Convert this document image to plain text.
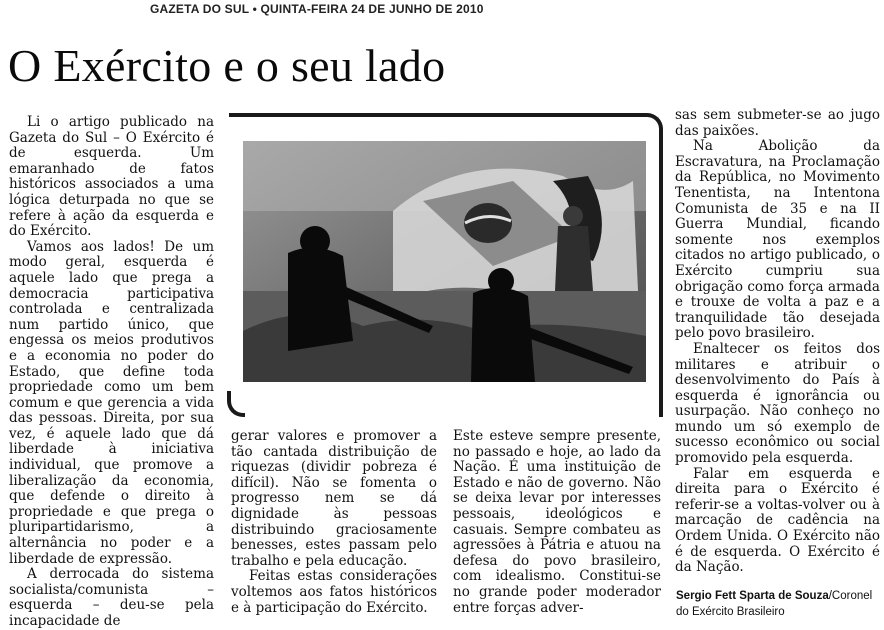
GAZETA DO SUL • QUINTA-FEIRA 24 DE JUNHO DE 2010
O Exército e o seu lado

Li o artigo publicado na Gazeta do Sul – O Exército é de esquerda. Um emaranhado de fatos históricos associados a uma lógica deturpada no que se refere à ação da esquerda e do Exército.

Vamos aos lados! De um modo geral, esquerda é aquele lado que prega a democracia participativa controlada e centralizada num partido único, que engessa os meios produtivos e a economia no poder do Estado, que define toda propriedade como um bem comum e que gerencia a vida das pessoas. Direita, por sua vez, é aquele lado que dá liberdade à iniciativa individual, que promove a liberalização da economia, que defende o direito à propriedade e que prega o pluripartidarismo, a alternância no poder e a liberdade de expressão.

A derrocada do sistema socialista/comunista – esquerda – deu-se pela incapacidade de

gerar valores e promover a tão cantada distribuição de riquezas (dividir pobreza é difícil). Não se fomenta o progresso nem se dá dignidade às pessoas distribuindo graciosamente benesses, estes passam pelo trabalho e pela educação.

Feitas estas considerações voltemos aos fatos históricos e à participação do Exército.

Este esteve sempre presente, no passado e hoje, ao lado da Nação. É uma instituição de Estado e não de governo. Não se deixa levar por interesses pessoais, ideológicos e casuais. Sempre combateu as agressões à Pátria e atuou na defesa do povo brasileiro, com idealismo. Constitui-se no grande poder moderador entre forças adver-

sas sem submeter-se ao jugo das paixões.

Na Abolição da Escravatura, na Proclamação da República, no Movimento Tenentista, na Intentona Comunista de 35 e na II Guerra Mundial, ficando somente nos exemplos citados no artigo publicado, o Exército cumpriu sua obrigação como força armada e trouxe de volta a paz e a tranquilidade tão desejada pelo povo brasileiro.

Enaltecer os feitos dos militares e atribuir o desenvolvimento do País à esquerda é ignorância ou usurpação. Não conheço no mundo um só exemplo de sucesso econômico ou social promovido pela esquerda.

Falar em esquerda e direita para o Exército é referir-se a voltas-volver ou à marcação de cadência na Ordem Unida. O Exército não é de esquerda. O Exército é da Nação.

Sergio Fett Sparta de Souza/Coronel do Exército Brasileiro
